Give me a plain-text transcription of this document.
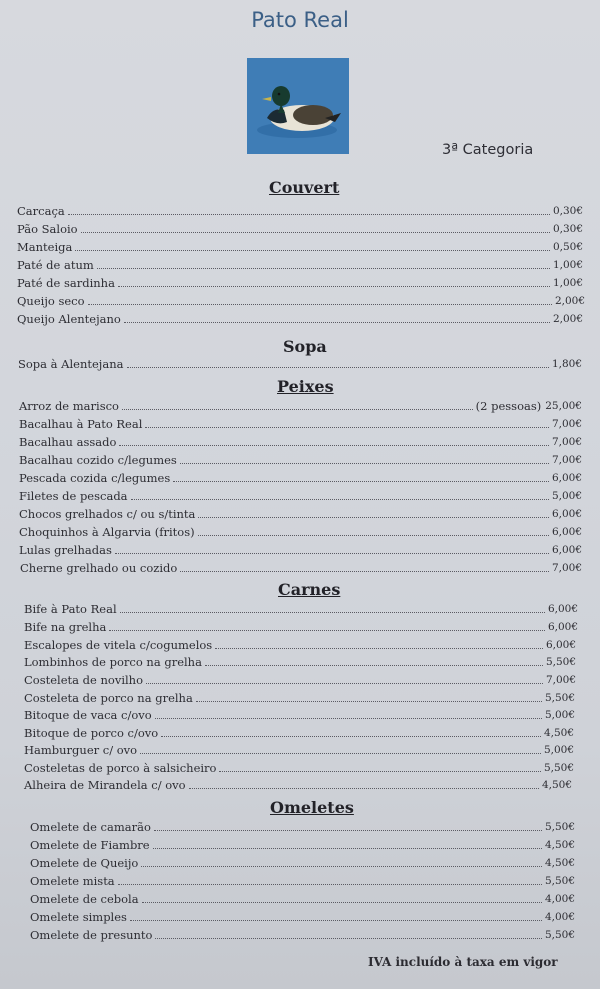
Pato Real
3ª Categoria
Couvert
Carcaça	0,30€
Pão Saloio	0,30€
Manteiga	0,50€
Paté de atum	1,00€
Paté de sardinha	1,00€
Queijo seco	2,00€
Queijo Alentejano	2,00€
Sopa
Sopa à Alentejana	1,80€
Peixes
Arroz de marisco	(2 pessoas) 25,00€
Bacalhau à Pato Real	7,00€
Bacalhau assado	7,00€
Bacalhau cozido c/legumes	7,00€
Pescada cozida c/legumes	6,00€
Filetes de pescada	5,00€
Chocos grelhados c/ ou s/tinta	6,00€
Choquinhos à Algarvia (fritos)	6,00€
Lulas grelhadas	6,00€
Cherne grelhado ou cozido	7,00€
Carnes
Bife à Pato Real	6,00€
Bife na grelha	6,00€
Escalopes de vitela c/cogumelos	6,00€
Lombinhos de porco na grelha	5,50€
Costeleta de novilho	7,00€
Costeleta de porco na grelha	5,50€
Bitoque de vaca c/ovo	5,00€
Bitoque de porco c/ovo	4,50€
Hamburguer c/ ovo	5,00€
Costeletas de porco à salsicheiro	5,50€
Alheira de Mirandela c/ ovo	4,50€
Omeletes
Omelete de camarão	5,50€
Omelete de Fiambre	4,50€
Omelete de Queijo	4,50€
Omelete mista	5,50€
Omelete de cebola	4,00€
Omelete simples	4,00€
Omelete de presunto	5,50€
IVA incluído à taxa em vigor
